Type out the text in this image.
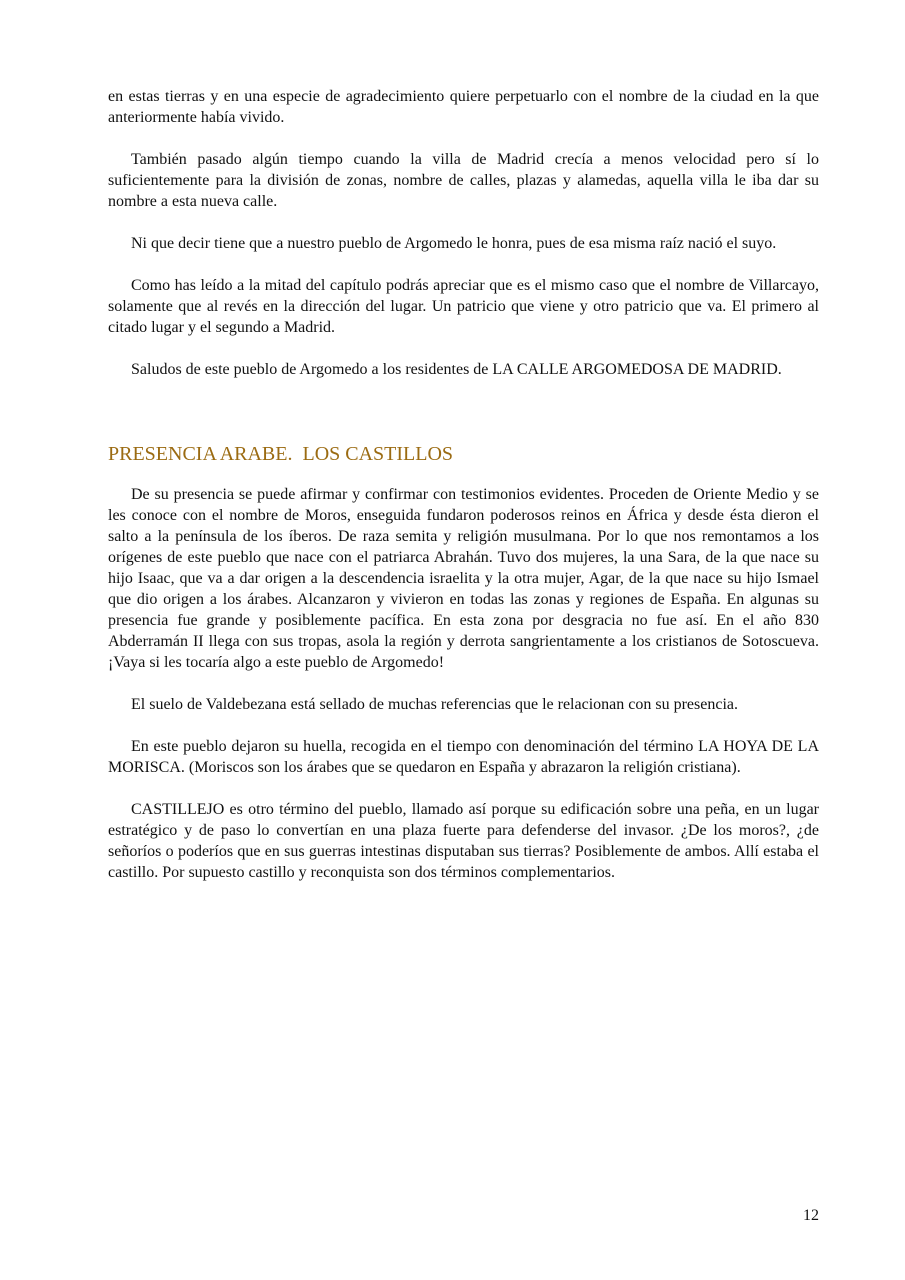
en estas tierras y en una especie de agradecimiento quiere perpetuarlo con el nombre de la ciudad en la que anteriormente había vivido.

También pasado algún tiempo cuando la villa de Madrid crecía a menos velocidad pero sí lo suficientemente para la división de zonas, nombre de calles, plazas y alamedas, aquella villa le iba dar su nombre a esta nueva calle.

Ni que decir tiene que a nuestro pueblo de Argomedo le honra, pues de esa misma raíz nació el suyo.

Como has leído a la mitad del capítulo podrás apreciar que es el mismo caso que el nombre de Villarcayo, solamente que al revés en la dirección del lugar. Un patricio que viene y otro patricio que va. El primero al citado lugar y el segundo a Madrid.

Saludos de este pueblo de Argomedo a los residentes de LA CALLE ARGOMEDOSA DE MADRID.

PRESENCIA ARABE.  LOS CASTILLOS

De su presencia se puede afirmar y confirmar con testimonios evidentes. Proceden de Oriente Medio y se les conoce con el nombre de Moros, enseguida fundaron poderosos reinos en África y desde ésta dieron el salto a la península de los íberos. De raza semita y religión musulmana. Por lo que nos remontamos a los orígenes de este pueblo que nace con el patriarca Abrahán. Tuvo dos mujeres, la una Sara, de la que nace su hijo Isaac, que va a dar origen a la descendencia israelita y la otra mujer, Agar, de la que nace su hijo Ismael que dio origen a los árabes. Alcanzaron y vivieron en todas las zonas y regiones de España. En algunas su presencia fue grande y posiblemente pacífica. En esta zona por desgracia no fue así. En el año 830 Abderramán II llega con sus tropas, asola la región y derrota sangrientamente a los cristianos de Sotoscueva. ¡Vaya si les tocaría algo a este pueblo de Argomedo!

El suelo de Valdebezana está sellado de muchas referencias que le relacionan con su presencia.

En este pueblo dejaron su huella, recogida en el tiempo con denominación del término LA HOYA DE LA MORISCA. (Moriscos son los árabes que se quedaron en España y abrazaron la religión cristiana).

CASTILLEJO es otro término del pueblo, llamado así porque su edificación sobre una peña, en un lugar estratégico y de paso lo convertían en una plaza fuerte para defenderse del invasor. ¿De los moros?, ¿de señoríos o poderíos que en sus guerras intestinas disputaban sus tierras? Posiblemente de ambos. Allí estaba el castillo. Por supuesto castillo y reconquista son dos términos complementarios.

12
